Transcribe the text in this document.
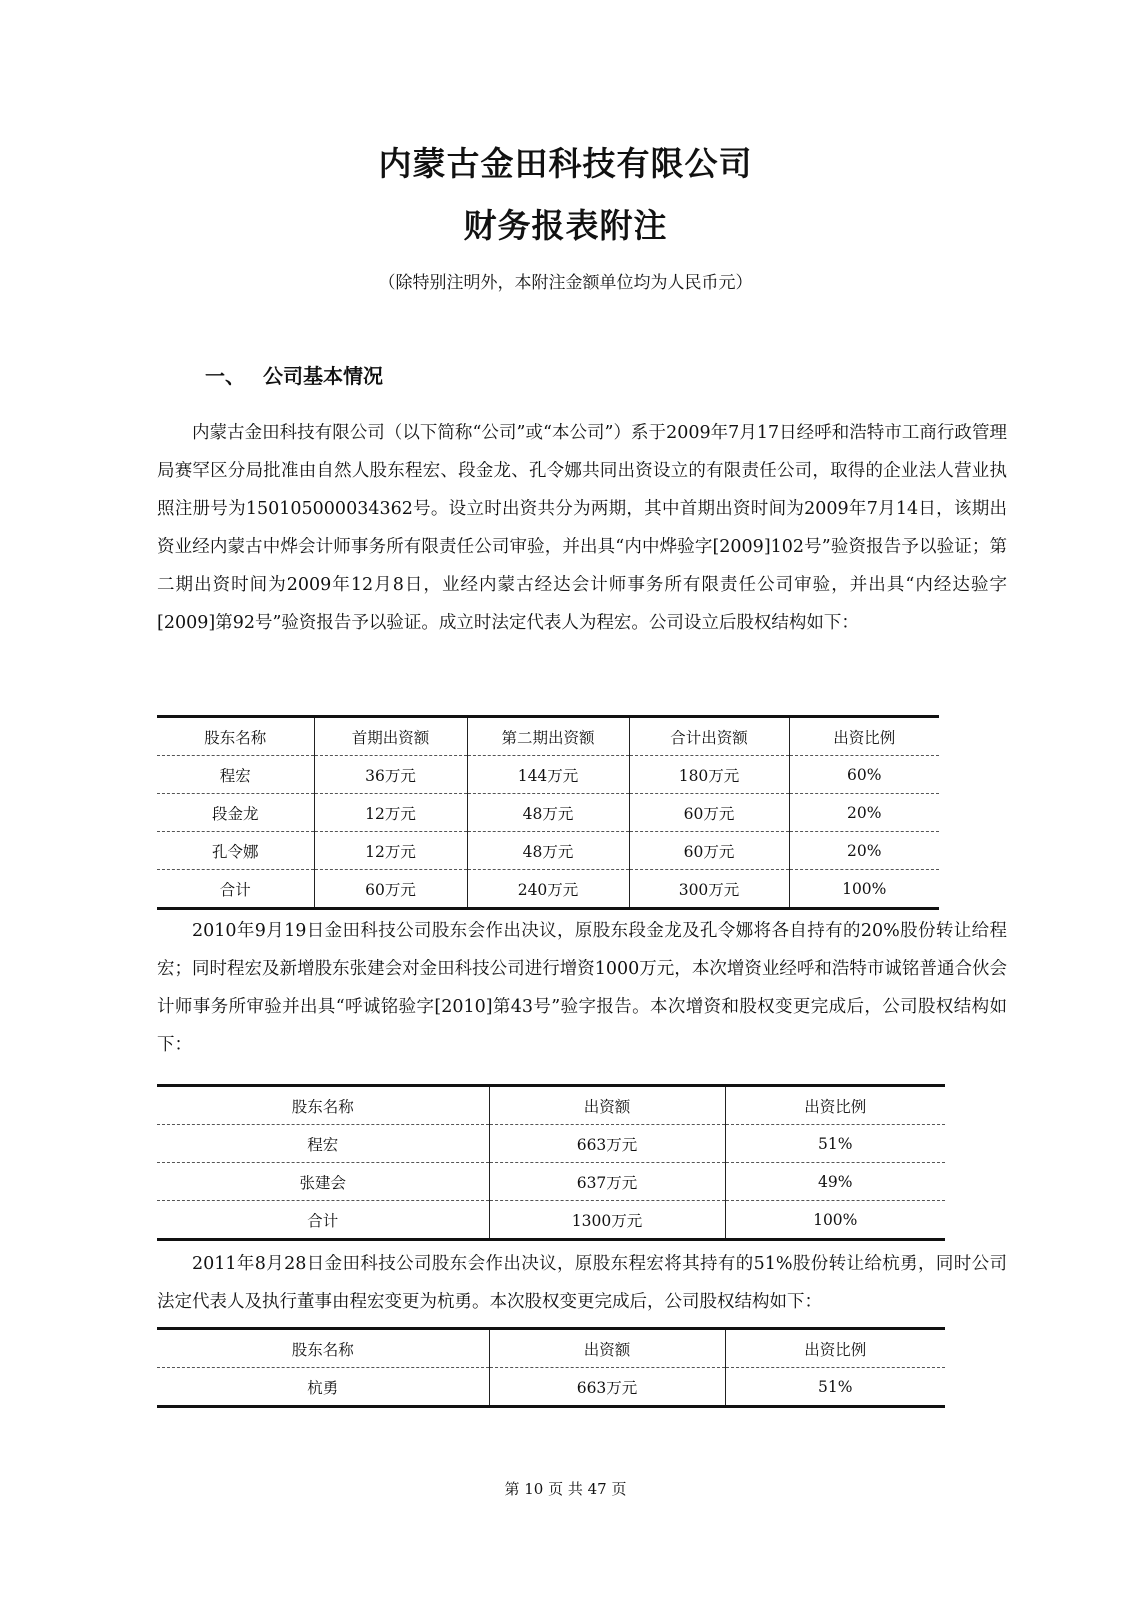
内蒙古金田科技有限公司
财务报表附注
（除特别注明外，本附注金额单位均为人民币元）
一、 公司基本情况

内蒙古金田科技有限公司（以下简称“公司”或“本公司”）系于2009年7月17日经呼和浩特市工商行政管理局赛罕区分局批准由自然人股东程宏、段金龙、孔令娜共同出资设立的有限责任公司，取得的企业法人营业执照注册号为150105000034362号。设立时出资共分为两期，其中首期出资时间为2009年7月14日，该期出资业经内蒙古中烨会计师事务所有限责任公司审验，并出具“内中烨验字[2009]102号”验资报告予以验证；第二期出资时间为2009年12月8日，业经内蒙古经达会计师事务所有限责任公司审验，并出具“内经达验字[2009]第92号”验资报告予以验证。成立时法定代表人为程宏。公司设立后股权结构如下：

股东名称	首期出资额	第二期出资额	合计出资额	出资比例
程宏	36万元	144万元	180万元	60%
段金龙	12万元	48万元	60万元	20%
孔令娜	12万元	48万元	60万元	20%
合计	60万元	240万元	300万元	100%

2010年9月19日金田科技公司股东会作出决议，原股东段金龙及孔令娜将各自持有的20%股份转让给程宏；同时程宏及新增股东张建会对金田科技公司进行增资1000万元，本次增资业经呼和浩特市诚铭普通合伙会计师事务所审验并出具“呼诚铭验字[2010]第43号”验字报告。本次增资和股权变更完成后，公司股权结构如下：

股东名称	出资额	出资比例
程宏	663万元	51%
张建会	637万元	49%
合计	1300万元	100%

2011年8月28日金田科技公司股东会作出决议，原股东程宏将其持有的51%股份转让给杭勇，同时公司法定代表人及执行董事由程宏变更为杭勇。本次股权变更完成后，公司股权结构如下：

股东名称	出资额	出资比例
杭勇	663万元	51%
第 10 页 共 47 页
